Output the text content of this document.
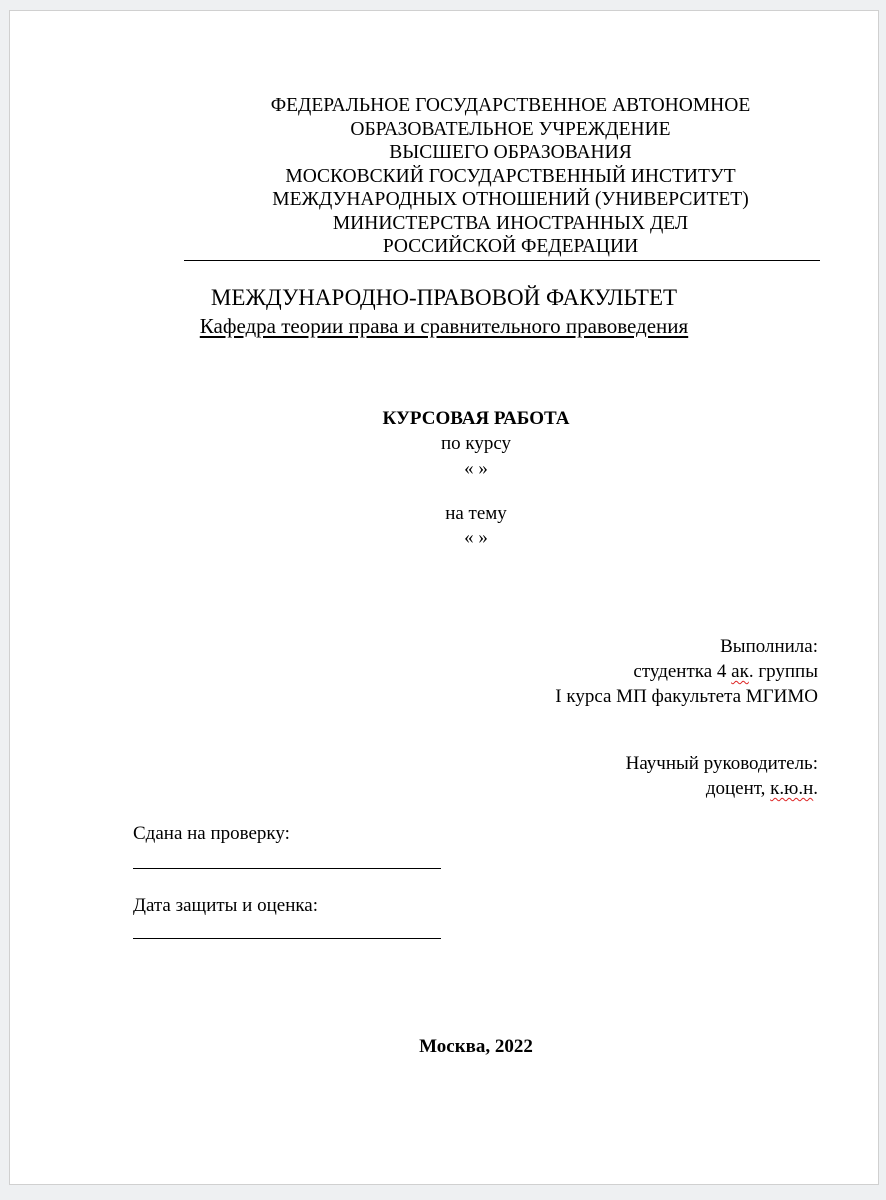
ФЕДЕРАЛЬНОЕ ГОСУДАРСТВЕННОЕ АВТОНОМНОЕ
ОБРАЗОВАТЕЛЬНОЕ УЧРЕЖДЕНИЕ
ВЫСШЕГО ОБРАЗОВАНИЯ
МОСКОВСКИЙ ГОСУДАРСТВЕННЫЙ ИНСТИТУТ
МЕЖДУНАРОДНЫХ ОТНОШЕНИЙ (УНИВЕРСИТЕТ)
МИНИСТЕРСТВА ИНОСТРАННЫХ ДЕЛ
РОССИЙСКОЙ ФЕДЕРАЦИИ
МЕЖДУНАРОДНО-ПРАВОВОЙ ФАКУЛЬТЕТ
Кафедра теории права и сравнительного правоведения
КУРСОВАЯ РАБОТА
по курсу
« »
на тему
« »
Выполнила:
студентка 4 ак. группы
I курса МП факультета МГИМО
Научный руководитель:
доцент, к.ю.н.
Сдана на проверку:
Дата защиты и оценка:
Москва, 2022
